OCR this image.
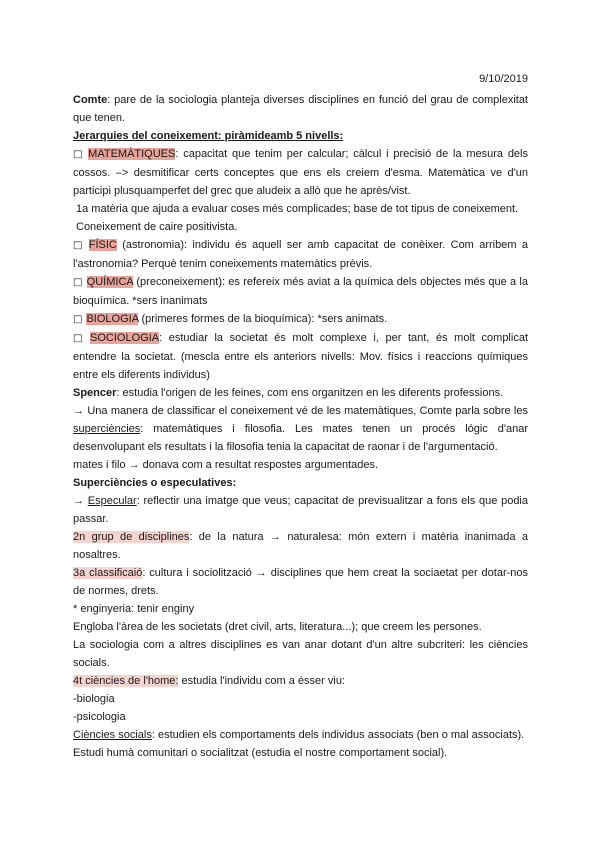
9/10/2019

Comte: pare de la sociologia planteja diverses disciplines en funció del grau de complexitat que tenen.

Jerarquies del coneixement: piràmideamb 5 nivells:

□ MATEMÀTIQUES: capacitat que tenim per calcular; càlcul i precisió de la mesura dels cossos. –> desmitificar certs conceptes que ens els creiem d'esma. Matemàtica ve d'un participi plusquamperfet del grec que aludeix a allò que he après/vist.

1a matèria que ajuda a evaluar coses més complicades; base de tot tipus de coneixement.

Coneixement de caire positivista.

□ FÍSIC (astronomia): individu és aquell ser amb capacitat de conèixer. Com arribem a l'astronomia? Perquè tenim coneixements matemàtics prèvis.

□ QUÍMICA (preconeixement): es refereix més aviat a la química dels objectes més que a la bioquímica. *sers inanimats

□ BIOLOGIA (primeres formes de la bioquímica): *sers animats.

□ SOCIOLOGIA: estudiar la societat és molt complexe i, per tant, és molt complicat entendre la societat. (mescla entre els anteriors nivells: Mov. físics i reaccions químiques entre els diferents individus)

Spencer: estudia l'origen de les feines, com ens organitzen en les diferents professions.

→ Una manera de classificar el coneixement vé de les matemàtiques, Comte parla sobre les superciències: matemàtiques i filosofia. Les mates tenen un procés lógic d'anar desenvolupant els resultats i la filosofia tenia la capacitat de raonar i de l'argumentació.

mates i filo → donava com a resultat respostes argumentades.

Superciències o especulatives:

→ Especular: reflectir una imatge que veus; capacitat de previsualitzar a fons els que podia passar.

2n grup de disciplines: de la natura → naturalesa: món extern i matèria inanimada a nosaltres.

3a classificaió: cultura i sociolització → disciplines que hem creat la sociaetat per dotar-nos de normes, drets.

* enginyeria: tenir enginy

Engloba l'àrea de les societats (dret civil, arts, literatura...); que creem les persones.

La sociologia com a altres disciplines es van anar dotant d'un altre subcriteri: les ciències socials.

4t ciències de l'home: estudia l'individu com a ésser viu:

-biologia

-psicologia

Ciències socials: estudien els comportaments dels individus associats (ben o mal associats).

Estudi humà comunitari o socialitzat (estudia el nostre comportament social).
